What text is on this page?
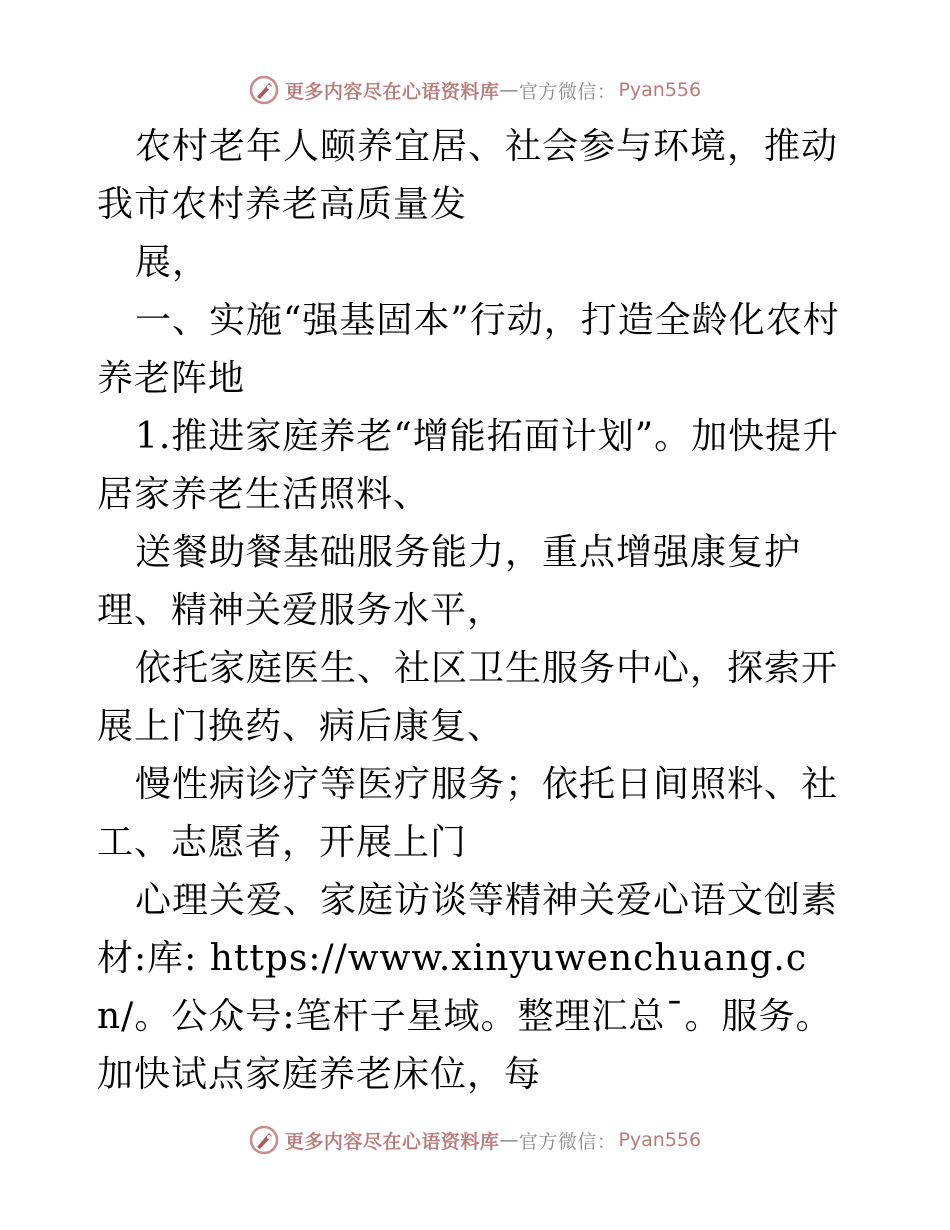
更多内容尽在心语资料库 — 官方微信： Pyan556

农村老年人颐养宜居、社会参与环境，推动我市农村养老高质量发

展，

一、实施“强基固本”行动，打造全龄化农村养老阵地

1.推进家庭养老“增能拓面计划”。加快提升居家养老生活照料、

送餐助餐基础服务能力，重点增强康复护理、精神关爱服务水平，

依托家庭医生、社区卫生服务中心，探索开展上门换药、病后康复、

慢性病诊疗等医疗服务；依托日间照料、社工、志愿者，开展上门

心理关爱、家庭访谈等精神关爱心语文创素材:库: https://www.xinyuwenchuang.cn/。公众号:笔杆子星域。整理汇总¯。服务。加快试点家庭养老床位，每

更多内容尽在心语资料库 — 官方微信： Pyan556
